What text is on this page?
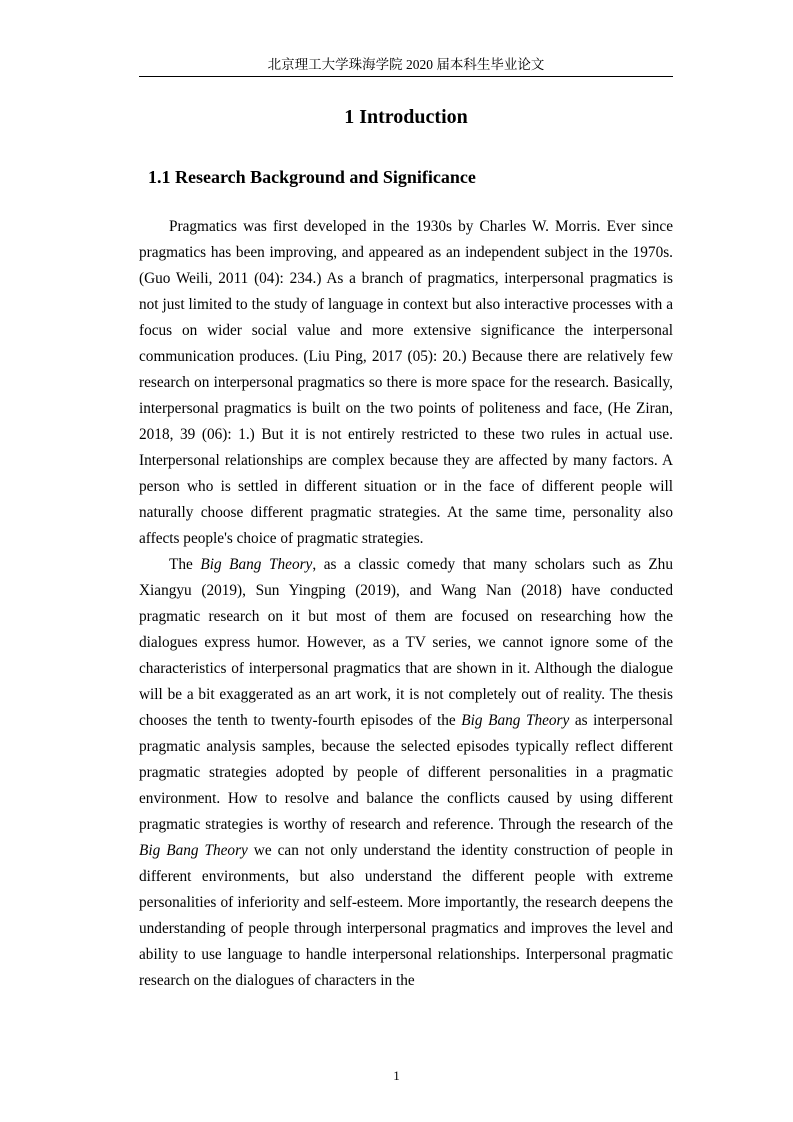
北京理工大学珠海学院 2020 届本科生毕业论文
1 Introduction
1.1 Research Background and Significance

Pragmatics was first developed in the 1930s by Charles W. Morris. Ever since pragmatics has been improving, and appeared as an independent subject in the 1970s. (Guo Weili, 2011 (04): 234.) As a branch of pragmatics, interpersonal pragmatics is not just limited to the study of language in context but also interactive processes with a focus on wider social value and more extensive significance the interpersonal communication produces. (Liu Ping, 2017 (05): 20.) Because there are relatively few research on interpersonal pragmatics so there is more space for the research. Basically, interpersonal pragmatics is built on the two points of politeness and face, (He Ziran, 2018, 39 (06): 1.) But it is not entirely restricted to these two rules in actual use. Interpersonal relationships are complex because they are affected by many factors. A person who is settled in different situation or in the face of different people will naturally choose different pragmatic strategies. At the same time, personality also affects people's choice of pragmatic strategies.

The Big Bang Theory, as a classic comedy that many scholars such as Zhu Xiangyu (2019), Sun Yingping (2019), and Wang Nan (2018) have conducted pragmatic research on it but most of them are focused on researching how the dialogues express humor. However, as a TV series, we cannot ignore some of the characteristics of interpersonal pragmatics that are shown in it. Although the dialogue will be a bit exaggerated as an art work, it is not completely out of reality. The thesis chooses the tenth to twenty-fourth episodes of the Big Bang Theory as interpersonal pragmatic analysis samples, because the selected episodes typically reflect different pragmatic strategies adopted by people of different personalities in a pragmatic environment. How to resolve and balance the conflicts caused by using different pragmatic strategies is worthy of research and reference. Through the research of the Big Bang Theory we can not only understand the identity construction of people in different environments, but also understand the different people with extreme personalities of inferiority and self-esteem. More importantly, the research deepens the understanding of people through interpersonal pragmatics and improves the level and ability to use language to handle interpersonal relationships. Interpersonal pragmatic research on the dialogues of characters in the

1
